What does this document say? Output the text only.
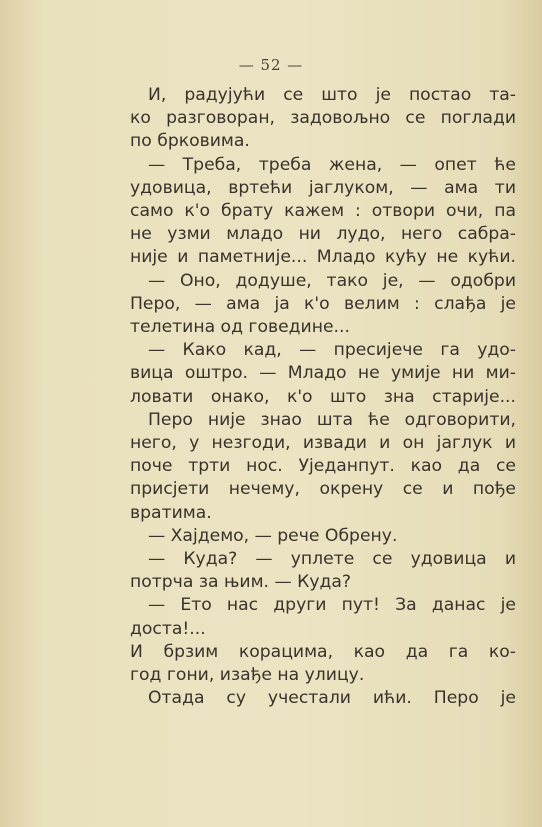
— 52 —
И, радујући се што је постао та-
ко разговоран, задовољно се поглади
по брковима.
— Треба, треба жена, — опет ће
удовица, вртећи јаглуком, — ама ти
само к'о брату кажем : отвори очи, па
не узми младо ни лудо, него сабра-
није и паметније... Младо кућу не кући.
— Оно, додуше, тако је, — одобри
Перо, — ама ја к'о велим : слађа је
телетина од говедине...
— Како кад, — пресијече га удо-
вица оштро. — Младо не умије ни ми-
ловати онако, к'о што зна старије...
Перо није знао шта ће одговорити,
него, у незгоди, извади и он јаглук и
поче трти нос. Уједанпут. као да се
присјети нечему, окрену се и пође
вратима.
— Хајдемо, — рече Обрену.
— Куда? — уплете се удовица и
потрча за њим. — Куда?
— Ето нас други пут! За данас је
доста!...
И брзим корацима, као да га ко-
год гони, изађе на улицу.
Отада су учестали ићи. Перо је
